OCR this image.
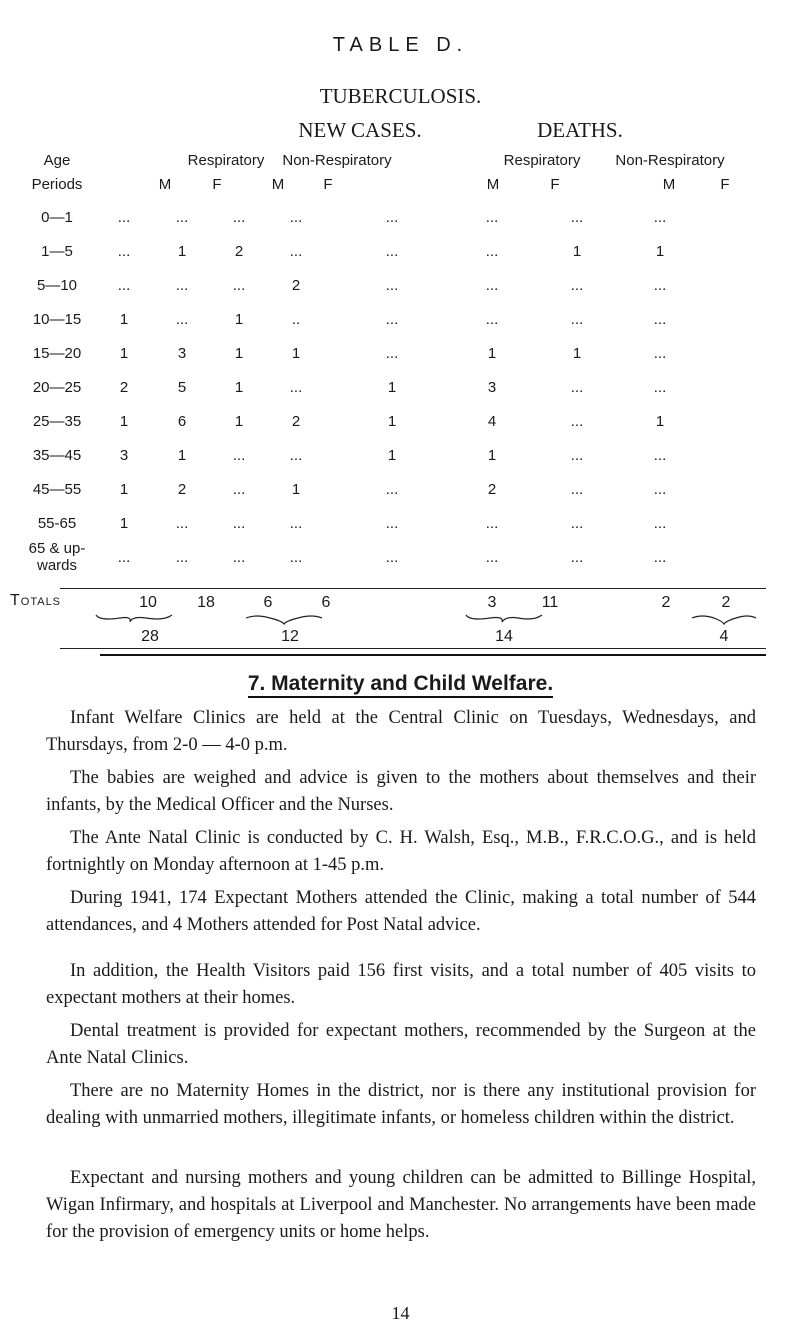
TABLE D.
TUBERCULOSIS.
NEW CASES.	DEATHS.
Age
Periods
Respiratory	Non-Respiratory	Respiratory	Non-Respiratory
M	F	M	F	M	F	M	F
0—1	...	...	...	...	...	...	...	...
1—5	...	1	2	...	...	...	1	1
5—10	...	...	...	2	...	...	...	...
10—15	1	...	1	..	...	...	...	...
15—20	1	3	1	1	...	1	1	...
20—25	2	5	1	...	1	3	...	...
25—35	1	6	1	2	1	4	...	1
35—45	3	1	...	...	1	1	...	...
45—55	1	2	...	1	...	2	...	...
55-65	1	...	...	...	...	...	...	...

65 & up-
wards	...	...	...	...	...	...	...	...
Totals	10	18	6	6	3	11	2	2
28	12	14	4
7. Maternity and Child Welfare.

Infant Welfare Clinics are held at the Central Clinic on Tuesdays, Wednesdays, and Thursdays, from 2-0 — 4-0 p.m.

The babies are weighed and advice is given to the mothers about themselves and their infants, by the Medical Officer and the Nurses.

The Ante Natal Clinic is conducted by C. H. Walsh, Esq., M.B., F.R.C.O.G., and is held fortnightly on Monday afternoon at 1-45 p.m.

During 1941, 174 Expectant Mothers attended the Clinic, making a total number of 544 attendances, and 4 Mothers attended for Post Natal advice.

In addition, the Health Visitors paid 156 first visits, and a total number of 405 visits to expectant mothers at their homes.

Dental treatment is provided for expectant mothers, recommended by the Surgeon at the Ante Natal Clinics.

There are no Maternity Homes in the district, nor is there any institutional provision for dealing with unmarried mothers, illegitimate infants, or homeless children within the district.

Expectant and nursing mothers and young children can be admitted to Billinge Hospital, Wigan Infirmary, and hospitals at Liverpool and Manchester. No arrangements have been made for the provision of emergency units or home helps.

14
